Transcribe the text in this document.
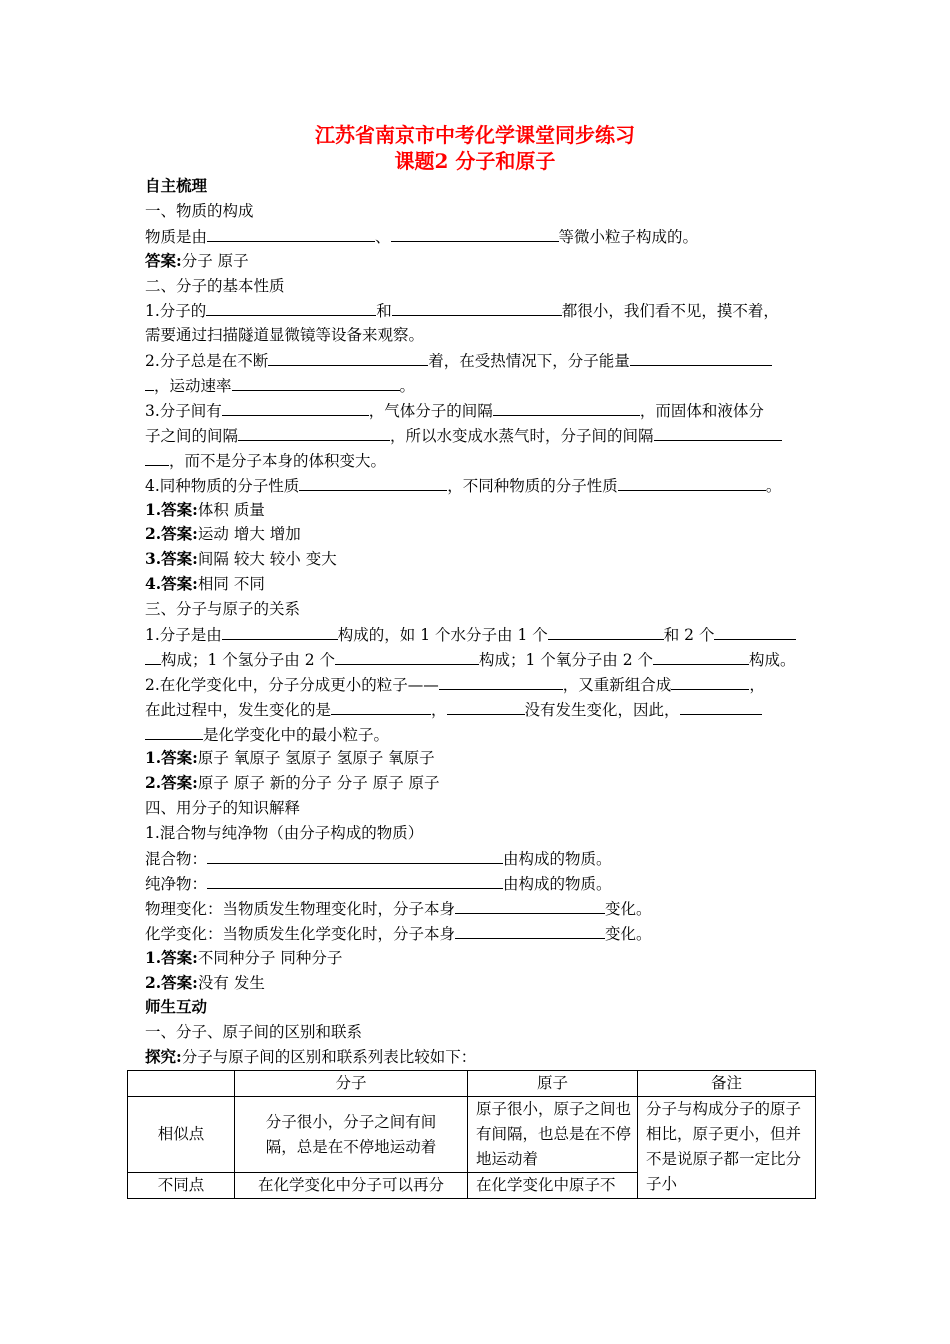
江苏省南京市中考化学课堂同步练习
课题2 分子和原子
自主梳理
一、物质的构成
物质是由	、	等微小粒子构成的。
答案:分子 原子
二、分子的基本性质
1.分子的	和	都很小，我们看不见，摸不着，
需要通过扫描隧道显微镜等设备来观察。
2.分子总是在不断	着，在受热情况下，分子能量
，运动速率	。
3.分子间有	，气体分子的间隔	，而固体和液体分
子之间的间隔	，所以水变成水蒸气时，分子间的间隔
，而不是分子本身的体积变大。
4.同种物质的分子性质	，不同种物质的分子性质	。
1.答案:体积 质量
2.答案:运动 增大 增加
3.答案:间隔 较大 较小 变大
4.答案:相同 不同
三、分子与原子的关系
1.分子是由	构成的，如 1 个水分子由 1 个	和 2 个
构成；1 个氢分子由 2 个	构成；1 个氧分子由 2 个	构成。
2.在化学变化中，分子分成更小的粒子——	，又重新组合成	，
在此过程中，发生变化的是	，	没有发生变化，因此，
是化学变化中的最小粒子。
1.答案:原子 氧原子 氢原子 氢原子 氧原子
2.答案:原子 原子 新的分子 分子 原子 原子
四、用分子的知识解释
1.混合物与纯净物（由分子构成的物质）
混合物：	由构成的物质。
纯净物：	由构成的物质。
物理变化：当物质发生物理变化时，分子本身	变化。
化学变化：当物质发生化学变化时，分子本身	变化。
1.答案:不同种分子 同种分子
2.答案:没有 发生
师生互动
一、分子、原子间的区别和联系
探究:分子与原子间的区别和联系列表比较如下：
	分子	原子	备注
相似点	分子很小，分子之间有间隔，总是在不停地运动着	原子很小，原子之间也有间隔，也总是在不停地运动着	分子与构成分子的原子相比，原子更小，但并不是说原子都一定比分子小
不同点	在化学变化中分子可以再分	在化学变化中原子不	
